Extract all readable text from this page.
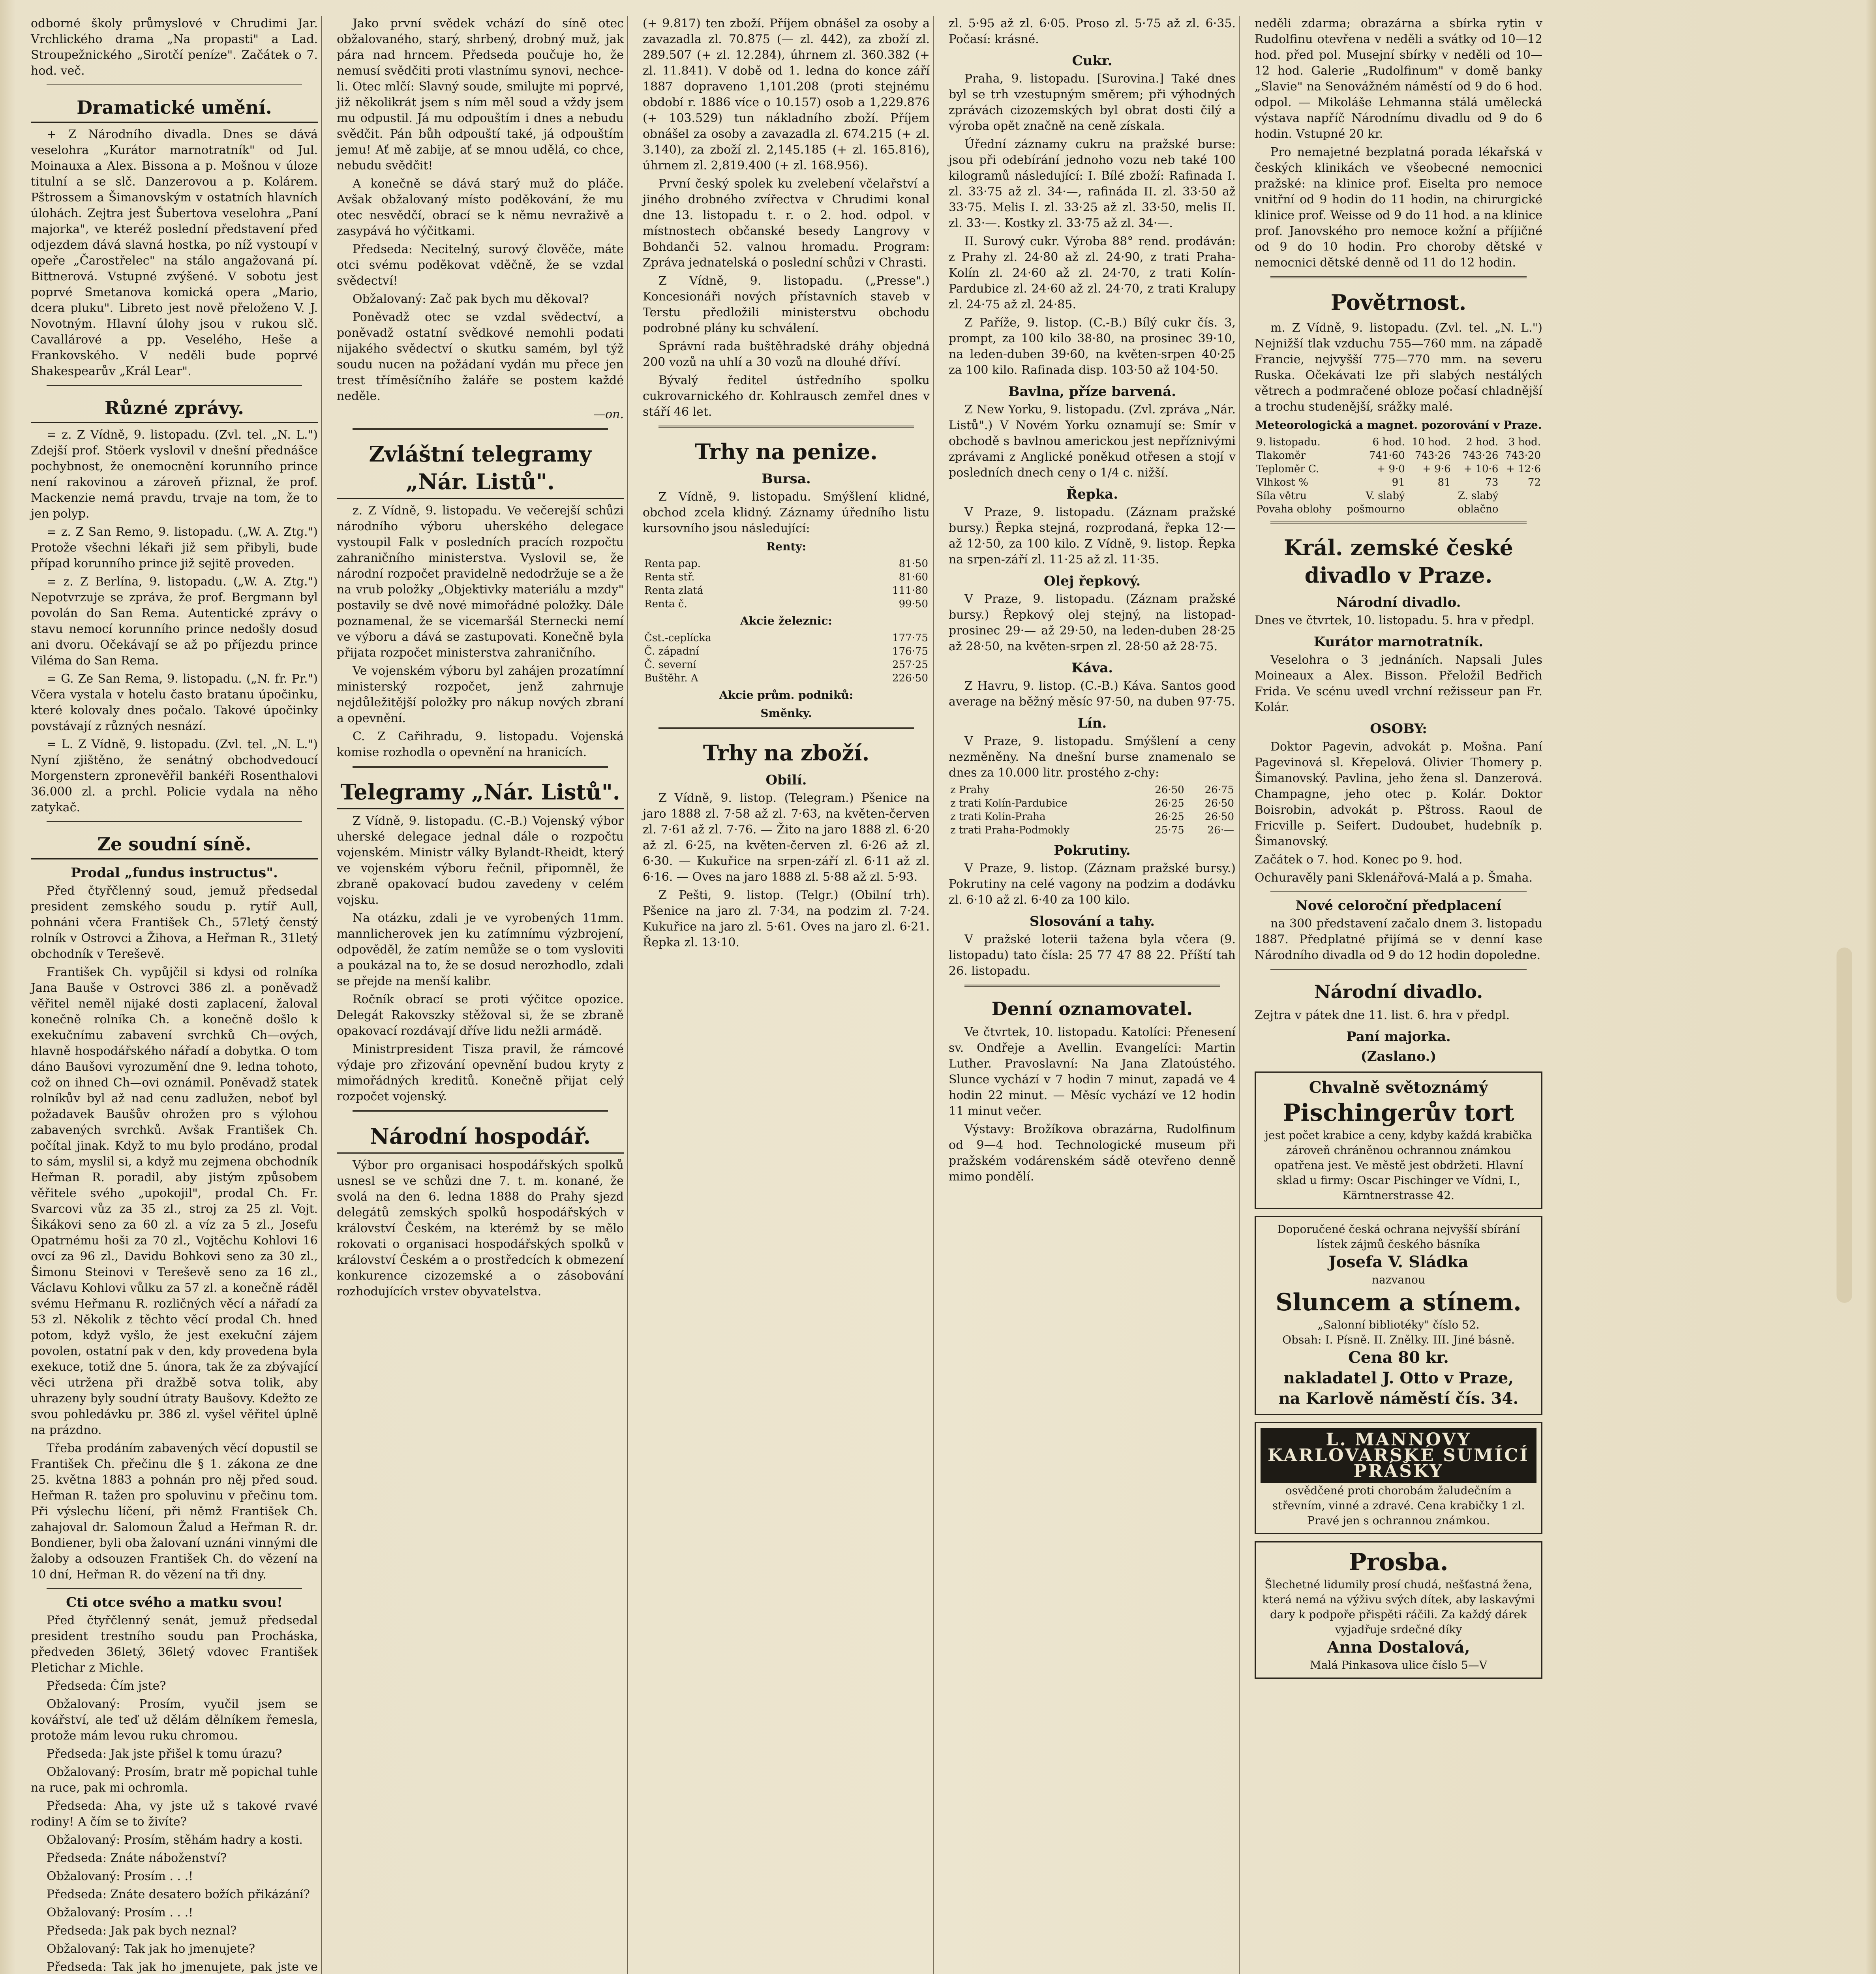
odborné školy průmyslové v Chrudimi Jar. Vrchlického drama „Na propasti" a Lad. Stroupežnického „Sirotčí peníze". Začátek o 7. hod. več.

Dramatické umění.

+ Z Národního divadla. Dnes se dává veselohra „Kurátor marnotratník" od Jul. Moinauxa a Alex. Bissona a p. Mošnou v úloze titulní a se slč. Danzerovou a p. Kolárem. Pštrossem a Šimanovským v ostatních hlavních úlohách. Zejtra jest Šubertova veselohra „Paní majorka", ve kteréž poslední představení před odjezdem dává slavná hostka, po níž vystoupí v opeře „Čarostřelec" na stálo angažovaná pí. Bittnerová. Vstupné zvýšené. V sobotu jest poprvé Smetanova komická opera „Mario, dcera pluku". Libreto jest nově přeloženo V. J. Novotným. Hlavní úlohy jsou v rukou slč. Cavallárové a pp. Veselého, Heše a Frankovského. V neděli bude poprvé Shakespearův „Král Lear".

Různé zprávy.

= z. Z Vídně, 9. listopadu. (Zvl. tel. „N. L.") Zdejší prof. Stöerk vyslovil v dnešní přednášce pochybnost, že onemocnění korunního prince není rakovinou a zároveň přiznal, že prof. Mackenzie nemá pravdu, trvaje na tom, že to jen polyp.

= z. Z San Remo, 9. listopadu. („W. A. Ztg.") Protože všechni lékaři již sem přibyli, bude případ korunního prince již sejitě proveden.

= z. Z Berlína, 9. listopadu. („W. A. Ztg.") Nepotvrzuje se zpráva, že prof. Bergmann byl povolán do San Rema. Autentické zprávy o stavu nemocí korunního prince nedošly dosud ani dvoru. Očekávají se až po příjezdu prince Viléma do San Rema.

= G. Ze San Rema, 9. listopadu. („N. fr. Pr.") Včera vystala v hotelu často bratanu úpočinku, které kolovaly dnes počalo. Takové úpočinky povstávají z různých nesnází.

= L. Z Vídně, 9. listopadu. (Zvl. tel. „N. L.") Nyní zjištěno, že senátný obchodvedoucí Morgenstern zpronevěřil bankéři Rosenthalovi 36.000 zl. a prchl. Policie vydala na něho zatykač.

Ze soudní síně.
Prodal „fundus instructus".

Před čtyřčlenný soud, jemuž předsedal president zemského soudu p. rytíř Aull, pohnáni včera František Ch., 57letý čenstý rolník v Ostrovci a Žihova, a Heřman R., 31letý obchodník v Tereševě.

František Ch. vypůjčil si kdysi od rolníka Jana Bauše v Ostrovci 386 zl. a poněvadž věřitel neměl nijaké dosti zaplacení, žaloval konečně rolníka Ch. a konečně došlo k exekučnímu zabavení svrchků Ch—ových, hlavně hospodářského nářadí a dobytka. O tom dáno Baušovi vyrozumění dne 9. ledna tohoto, což on ihned Ch—ovi oznámil. Poněvadž statek rolníkův byl až nad cenu zadlužen, neboť byl požadavek Baušův ohrožen pro s výlohou zabavených svrchků. Avšak František Ch. počítal jinak. Když to mu bylo prodáno, prodal to sám, myslil si, a když mu zejmena obchodník Heřman R. poradil, aby jistým způsobem věřitele svého „upokojil", prodal Ch. Fr. Svarcovi vůz za 35 zl., stroj za 25 zl. Vojt. Šikákovi seno za 60 zl. a víz za 5 zl., Josefu Opatrnému hoši za 70 zl., Vojtěchu Kohlovi 16 ovcí za 96 zl., Davidu Bohkovi seno za 30 zl., Šimonu Steinovi v Tereševě seno za 16 zl., Václavu Kohlovi vůlku za 57 zl. a konečně ráděl svému Heřmanu R. rozličných věcí a nářadí za 53 zl. Několik z těchto věcí prodal Ch. hned potom, když vyšlo, že jest exekuční zájem povolen, ostatní pak v den, kdy provedena byla exekuce, totiž dne 5. února, tak že za zbývající věci utržena při dražbě sotva tolik, aby uhrazeny byly soudní útraty Baušovy. Kdežto ze svou pohledávku pr. 386 zl. vyšel věřitel úplně na prázdno.

Třeba prodáním zabavených věcí dopustil se František Ch. přečinu dle § 1. zákona ze dne 25. května 1883 a pohnán pro něj před soud. Heřman R. tažen pro spoluvinu v přečinu tom. Při výslechu líčení, při němž František Ch. zahajoval dr. Salomoun Žalud a Heřman R. dr. Bondiener, byli oba žalovaní uznáni vinnými dle žaloby a odsouzen František Ch. do vězení na 10 dní, Heřman R. do vězení na tři dny.

Cti otce svého a matku svou!

Před čtyřčlenný senát, jemuž předsedal president trestního soudu pan Procháska, předveden 36letý, 36letý vdovec František Pletichar z Michle.

Předseda: Čím jste?

Obžalovaný: Prosím, vyučil jsem se kovářství, ale teď už dělám dělníkem řemesla, protože mám levou ruku chromou.

Předseda: Jak jste přišel k tomu úrazu?

Obžalovaný: Prosím, bratr mě popichal tuhle na ruce, pak mi ochromla.

Předseda: Aha, vy jste už s takové rvavé rodiny! A čím se to živíte?

Obžalovaný: Prosím, stěhám hadry a kosti.

Předseda: Znáte náboženství?

Obžalovaný: Prosím . . .!

Předseda: Znáte desatero božích přikázání?

Obžalovaný: Prosím . . .!

Předseda: Jak pak bych neznal?

Obžalovaný: Tak jak ho jmenujete?

Předseda: Tak jak ho jmenujete, pak jste ve

Jako první svědek vchází do síně otec obžalovaného, starý, shrbený, drobný muž, jak pára nad hrncem. Předseda poučuje ho, že nemusí svědčiti proti vlastnímu synovi, nechce-li. Otec mlčí: Slavný soude, smilujte mi poprvé, již několikrát jsem s ním měl soud a vždy jsem mu odpustil. Já mu odpouštím i dnes a nebudu svědčit. Pán bůh odpouští také, já odpouštím jemu! Ať mě zabije, ať se mnou udělá, co chce, nebudu svědčit!

A konečně se dává starý muž do pláče. Avšak obžalovaný místo poděkování, že mu otec nesvědčí, obrací se k němu nevraživě a zasypává ho výčitkami.

Předseda: Necitelný, surový člověče, máte otci svému poděkovat vděčně, že se vzdal svědectví!

Obžalovaný: Zač pak bych mu děkoval?

Poněvadž otec se vzdal svědectví, a poněvadž ostatní svědkové nemohli podati nijakého svědectví o skutku samém, byl týž soudu nucen na požádaní vydán mu přece jen trest tříměsíčního žaláře se postem každé neděle.

—on.
Zvláštní telegramy „Nár. Listů".

z. Z Vídně, 9. listopadu. Ve večerejší schůzi národního výboru uherského delegace vystoupil Falk v posledních pracích rozpočtu zahraničního ministerstva. Vyslovil se, že národní rozpočet pravidelně nedodržuje se a že na vrub položky „Objektivky materiálu a mzdy" postavily se dvě nové mimořádné položky. Dále poznamenal, že se vicemaršál Sternecki nemí ve výboru a dává se zastupovati. Konečně byla přijata rozpočet ministerstva zahraničního.

Ve vojenském výboru byl zahájen prozatímní ministerský rozpočet, jenž zahrnuje nejdůležitější položky pro nákup nových zbraní a opevnění.

C. Z Cařihradu, 9. listopadu. Vojenská komise rozhodla o opevnění na hranicích.

Telegramy „Nár. Listů".

Z Vídně, 9. listopadu. (C.-B.) Vojenský výbor uherské delegace jednal dále o rozpočtu vojenském. Ministr války Bylandt-Rheidt, který ve vojenském výboru řečnil, připomněl, že zbraně opakovací budou zavedeny v celém vojsku.

Na otázku, zdali je ve vyrobených 11mm. mannlicherovek jen ku zatímnímu výzbrojení, odpověděl, že zatím nemůže se o tom vysloviti a poukázal na to, že se dosud nerozhodlo, zdali se přejde na menší kalibr.

Ročník obrací se proti výčitce opozice. Delegát Rakovszky stěžoval si, že se zbraně opakovací rozdávají dříve lidu nežli armádě.

Ministrpresident Tisza pravil, že rámcové výdaje pro zřizování opevnění budou kryty z mimořádných kreditů. Konečně přijat celý rozpočet vojenský.

Národní hospodář.

Výbor pro organisaci hospodářských spolků usnesl se ve schůzi dne 7. t. m. konané, že svolá na den 6. ledna 1888 do Prahy sjezd delegátů zemských spolků hospodářských v království Českém, na kterémž by se mělo rokovati o organisaci hospodářských spolků v království Českém a o prostředcích k obmezení konkurence cizozemské a o zásobování rozhodujících vrstev obyvatelstva.

(+ 9.817) ten zboží. Příjem obnášel za osoby a zavazadla zl. 70.875 (— zl. 442), za zboží zl. 289.507 (+ zl. 12.284), úhrnem zl. 360.382 (+ zl. 11.841). V době od 1. ledna do konce září 1887 dopraveno 1,101.208 (proti stejnému období r. 1886 více o 10.157) osob a 1,229.876 (+ 103.529) tun nákladního zboží. Příjem obnášel za osoby a zavazadla zl. 674.215 (+ zl. 3.140), za zboží zl. 2,145.185 (+ zl. 165.816), úhrnem zl. 2,819.400 (+ zl. 168.956).

První český spolek ku zvelebení včelařství a jiného drobného zvířectva v Chrudimi konal dne 13. listopadu t. r. o 2. hod. odpol. v místnostech občanské besedy Langrovy v Bohdanči 52. valnou hromadu. Program: Zpráva jednatelská o poslední schůzi v Chrasti.

Z Vídně, 9. listopadu. („Presse".) Koncesionáři nových přístavních staveb v Terstu předložili ministerstvu obchodu podrobné plány ku schválení.

Správní rada buštěhradské dráhy objedná 200 vozů na uhlí a 30 vozů na dlouhé dříví.

Bývalý ředitel ústředního spolku cukrovarnického dr. Kohlrausch zemřel dnes v stáří 46 let.

Trhy na penize.
Bursa.

Z Vídně, 9. listopadu. Smýšlení klidné, obchod zcela klidný. Záznamy úředního listu kursovního jsou následující:

Renty:
Renta pap.	81·50
Renta stř.	81·60
Renta zlatá	111·80
Renta č.	99·50
Akcie železnic:
Čst.-ceplícka	177·75
Č. západní	176·75
Č. severní	257·25
Buštěhr. A	226·50
Akcie prům. podniků:
Směnky.
Trhy na zboží.
Obilí.

Z Vídně, 9. listop. (Telegram.) Pšenice na jaro 1888 zl. 7·58 až zl. 7·63, na květen-červen zl. 7·61 až zl. 7·76. — Žito na jaro 1888 zl. 6·20 až zl. 6·25, na květen-červen zl. 6·26 až zl. 6·30. — Kukuřice na srpen-září zl. 6·11 až zl. 6·16. — Oves na jaro 1888 zl. 5·88 až zl. 5·93.

Z Pešti, 9. listop. (Telgr.) (Obilní trh). Pšenice na jaro zl. 7·34, na podzim zl. 7·24. Kukuřice na jaro zl. 5·61. Oves na jaro zl. 6·21. Řepka zl. 13·10.

zl. 5·95 až zl. 6·05. Proso zl. 5·75 až zl. 6·35. Počasí: krásné.

Cukr.

Praha, 9. listopadu. [Surovina.] Také dnes byl se trh vzestupným směrem; při výhodných zprávách cizozemských byl obrat dosti čilý a výroba opět značně na ceně získala.

Úřední záznamy cukru na pražské burse: jsou při odebírání jednoho vozu neb také 100 kilogramů následující: I. Bílé zboží: Rafinada I. zl. 33·75 až zl. 34·—, rafináda II. zl. 33·50 až 33·75. Melis I. zl. 33·25 až zl. 33·50, melis II. zl. 33·—. Kostky zl. 33·75 až zl. 34·—.

II. Surový cukr. Výroba 88° rend. prodáván: z Prahy zl. 24·80 až zl. 24·90, z trati Praha-Kolín zl. 24·60 až zl. 24·70, z trati Kolín-Pardubice zl. 24·60 až zl. 24·70, z trati Kralupy zl. 24·75 až zl. 24·85.

Z Paříže, 9. listop. (C.-B.) Bílý cukr čís. 3, prompt, za 100 kilo 38·80, na prosinec 39·10, na leden-duben 39·60, na květen-srpen 40·25 za 100 kilo. Rafinada disp. 103·50 až 104·50.

Bavlna, příze barvená.

Z New Yorku, 9. listopadu. (Zvl. zpráva „Nár. Listů".) V Novém Yorku oznamují se: Smír v obchodě s bavlnou americkou jest nepříznivými zprávami z Anglické poněkud otřesen a stojí v posledních dnech ceny o 1/4 c. nižší.

Řepka.

V Praze, 9. listopadu. (Záznam pražské bursy.) Řepka stejná, rozprodaná, řepka 12·— až 12·50, za 100 kilo. Z Vídně, 9. listop. Řepka na srpen-září zl. 11·25 až zl. 11·35.

Olej řepkový.

V Praze, 9. listopadu. (Záznam pražské bursy.) Řepkový olej stejný, na listopad-prosinec 29·— až 29·50, na leden-duben 28·25 až 28·50, na květen-srpen zl. 28·50 až 28·75.

Káva.

Z Havru, 9. listop. (C.-B.) Káva. Santos good average na běžný měsíc 97·50, na duben 97·75.

Lín.

V Praze, 9. listopadu. Smýšlení a ceny nezměněny. Na dnešní burse znamenalo se dnes za 10.000 litr. prostého z-chy:

z Prahy	26·50	26·75
z trati Kolín-Pardubice	26·25	26·50
z trati Kolín-Praha	26·25	26·50
z trati Praha-Podmokly	25·75	26·—
Pokrutiny.

V Praze, 9. listop. (Záznam pražské bursy.) Pokrutiny na celé vagony na podzim a dodávku zl. 6·10 až zl. 6·40 za 100 kilo.

Slosování a tahy.

V pražské loterii tažena byla včera (9. listopadu) tato čísla: 25 77 47 88 22. Příští tah 26. listopadu.

Denní oznamovatel.

Ve čtvrtek, 10. listopadu. Katolíci: Přenesení sv. Ondřeje a Avellin. Evangelíci: Martin Luther. Pravoslavní: Na Jana Zlatoústého. Slunce vychází v 7 hodin 7 minut, zapadá ve 4 hodin 22 minut. — Měsíc vychází ve 12 hodin 11 minut večer.

Výstavy: Brožíkova obrazárna, Rudolfinum od 9—4 hod. Technologické museum při pražském vodárenském sádě otevřeno denně mimo pondělí.

neděli zdarma; obrazárna a sbírka rytin v Rudolfinu otevřena v neděli a svátky od 10—12 hod. před pol. Musejní sbírky v neděli od 10—12 hod. Galerie „Rudolfinum" v domě banky „Slavie" na Senovážném náměstí od 9 do 6 hod. odpol. — Mikoláše Lehmanna stálá umělecká výstava napříč Národnímu divadlu od 9 do 6 hodin. Vstupné 20 kr.

Pro nemajetné bezplatná porada lékařská v českých klinikách ve všeobecné nemocnici pražské: na klinice prof. Eiselta pro nemoce vnitřní od 9 hodin do 11 hodin, na chirurgické klinice prof. Weisse od 9 do 11 hod. a na klinice prof. Janovského pro nemoce kožní a příjičné od 9 do 10 hodin. Pro choroby dětské v nemocnici dětské denně od 11 do 12 hodin.

Povětrnost.

m. Z Vídně, 9. listopadu. (Zvl. tel. „N. L.") Nejnižší tlak vzduchu 755—760 mm. na západě Francie, nejvyšší 775—770 mm. na severu Ruska. Očekávati lze při slabých nestálých větrech a podmračené obloze počasí chladnější a trochu studenější, srážky malé.

Meteorologická a magnet. pozorování v Praze.
9. listopadu.	6 hod.	10 hod.	2 hod.	3 hod.
Tlakoměr	741·60	743·26	743·26	743·20
Teploměr C.	+ 9·0	+ 9·6	+ 10·6	+ 12·6
Vlhkost %	91	81	73	72
Síla větru	V. slabý		Z. slabý	
Povaha oblohy	pošmourno		oblačno	
Král. zemské české divadlo v Praze.
Národní divadlo.

Dnes ve čtvrtek, 10. listopadu. 5. hra v předpl.

Kurátor marnotratník.

Veselohra o 3 jednáních. Napsali Jules Moineaux a Alex. Bisson. Přeložil Bedřich Frida. Ve scénu uvedl vrchní režisseur pan Fr. Kolár.

OSOBY:

Doktor Pagevin, advokát p. Mošna. Paní Pagevinová sl. Křepelová. Olivier Thomery p. Šimanovský. Pavlina, jeho žena sl. Danzerová. Champagne, jeho otec p. Kolár. Doktor Boisrobin, advokát p. Pštross. Raoul de Fricville p. Seifert. Dudoubet, hudebník p. Šimanovský.

Začátek o 7. hod. Konec po 9. hod.

Ochuravěly pani Sklenářová-Malá a p. Šmaha.

Nové celoroční předplacení

na 300 představení začalo dnem 3. listopadu 1887. Předplatné přijímá se v denní kase Národního divadla od 9 do 12 hodin dopoledne.

Národní divadlo.

Zejtra v pátek dne 11. list. 6. hra v předpl.

Paní majorka.
(Zaslano.)
Chvalně světoznámý
Pischingerův tort
jest počet krabice a ceny, kdyby každá krabička zároveň chráněnou ochrannou známkou opatřena jest. Ve městě jest obdržeti. Hlavní sklad u firmy: Oscar Pischinger ve Vídni, I., Kärntnerstrasse 42.
Doporučené česká ochrana nejvyšší sbírání lístek zájmů českého básníka
Josefa V. Sládka
nazvanou
Sluncem a stínem.
„Salonní bibliotéky" číslo 52.
Obsah: I. Písně. II. Znělky. III. Jiné básně.
Cena 80 kr.
nakladatel J. Otto v Praze,
na Karlově náměstí čís. 34.
L. MANNOVY KARLOVARSKÉ SUMÍCÍ PRÁŠKY
osvědčené proti chorobám žaludečním a střevním, vinné a zdravé. Cena krabičky 1 zl. Pravé jen s ochrannou známkou.
Prosba.
Šlechetné lidumily prosí chudá, nešťastná žena, která nemá na výživu svých dítek, aby laskavými dary k podpoře přispěti ráčili. Za každý dárek vyjadřuje srdečné díky
Anna Dostalová,
Malá Pinkasova ulice číslo 5—V
